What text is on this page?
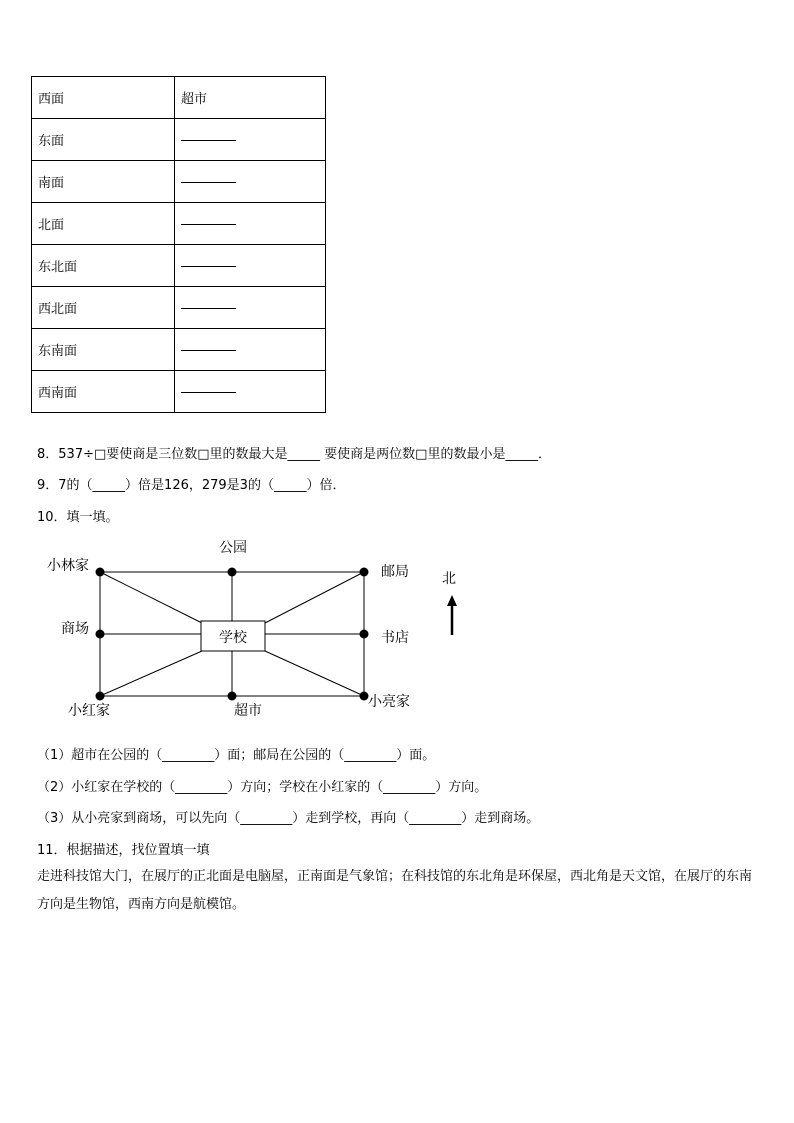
西面	超市
东面	
南面	
北面	
东北面	
西北面	
东南面	
西南面	
8．537÷□要使商是三位数□里的数最大是_____ 要使商是两位数□里的数最小是_____．
9．7的（_____）倍是126，279是3的（_____）倍．
10．填一填。
学校
小林家
公园
邮局
商场
书店
小红家	超市
小亮家
北
（1）超市在公园的（________）面；邮局在公园的（________）面。
（2）小红家在学校的（________）方向；学校在小红家的（________）方向。
（3）从小亮家到商场，可以先向（________）走到学校，再向（________）走到商场。
11．根据描述，找位置填一填
走进科技馆大门，在展厅的正北面是电脑屋，正南面是气象馆；在科技馆的东北角是环保屋，西北角是天文馆，在展厅的东南方向是生物馆，西南方向是航模馆。
